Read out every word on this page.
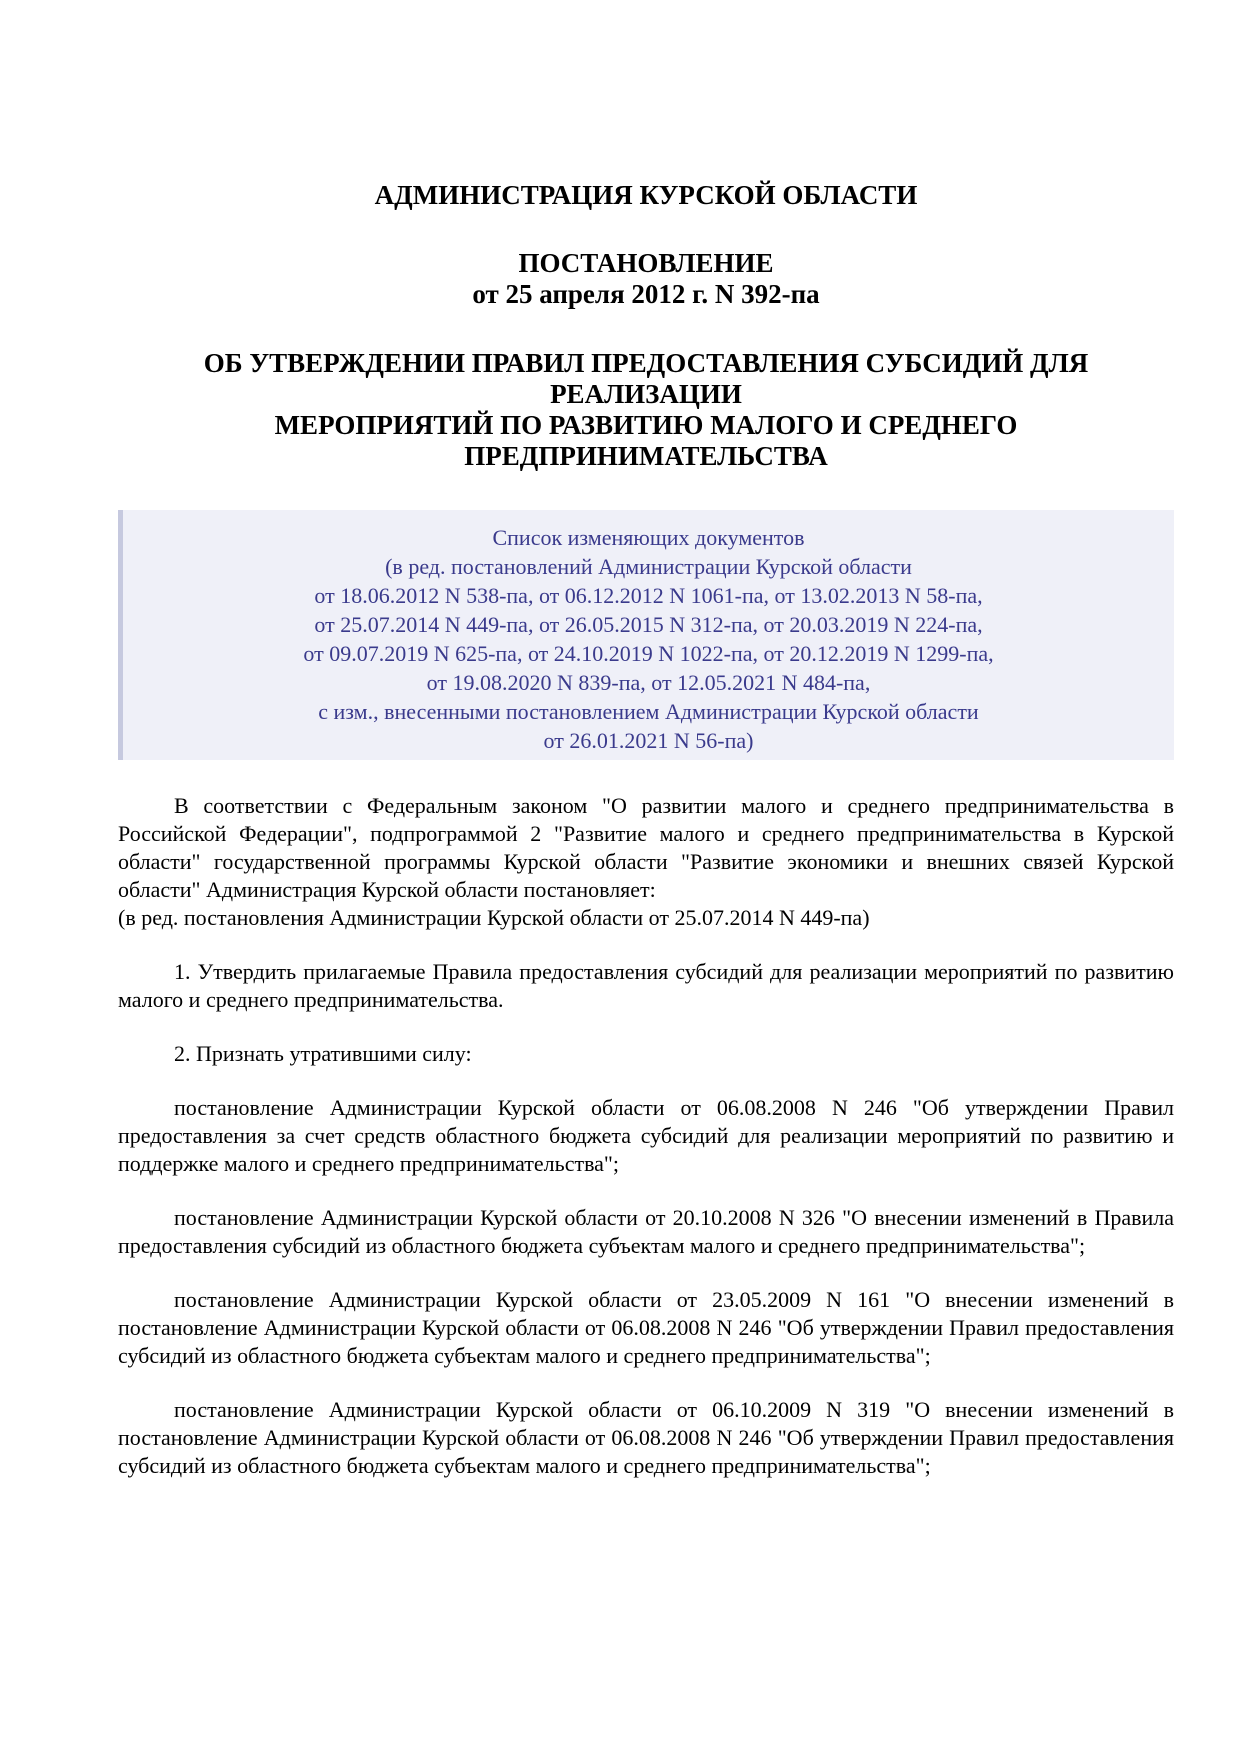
АДМИНИСТРАЦИЯ КУРСКОЙ ОБЛАСТИ

ПОСТАНОВЛЕНИЕ

от 25 апреля 2012 г. N 392-па

ОБ УТВЕРЖДЕНИИ ПРАВИЛ ПРЕДОСТАВЛЕНИЯ СУБСИДИЙ ДЛЯ

РЕАЛИЗАЦИИ

МЕРОПРИЯТИЙ ПО РАЗВИТИЮ МАЛОГО И СРЕДНЕГО

ПРЕДПРИНИМАТЕЛЬСТВА

Список изменяющих документов
(в ред. постановлений Администрации Курской области
от 18.06.2012 N 538-па, от 06.12.2012 N 1061-па, от 13.02.2013 N 58-па,
от 25.07.2014 N 449-па, от 26.05.2015 N 312-па, от 20.03.2019 N 224-па,
от 09.07.2019 N 625-па, от 24.10.2019 N 1022-па, от 20.12.2019 N 1299-па,
от 19.08.2020 N 839-па, от 12.05.2021 N 484-па,
с изм., внесенными постановлением Администрации Курской области
от 26.01.2021 N 56-па)

В соответствии с Федеральным законом "О развитии малого и среднего предпринимательства в Российской Федерации", подпрограммой 2 "Развитие малого и среднего предпринимательства в Курской области" государственной программы Курской области "Развитие экономики и внешних связей Курской области" Администрация Курской области постановляет:

(в ред. постановления Администрации Курской области от 25.07.2014 N 449-па)

1. Утвердить прилагаемые Правила предоставления субсидий для реализации мероприятий по развитию малого и среднего предпринимательства.

2. Признать утратившими силу:

постановление Администрации Курской области от 06.08.2008 N 246 "Об утверждении Правил предоставления за счет средств областного бюджета субсидий для реализации мероприятий по развитию и поддержке малого и среднего предпринимательства";

постановление Администрации Курской области от 20.10.2008 N 326 "О внесении изменений в Правила предоставления субсидий из областного бюджета субъектам малого и среднего предпринимательства";

постановление Администрации Курской области от 23.05.2009 N 161 "О внесении изменений в постановление Администрации Курской области от 06.08.2008 N 246 "Об утверждении Правил предоставления субсидий из областного бюджета субъектам малого и среднего предпринимательства";

постановление Администрации Курской области от 06.10.2009 N 319 "О внесении изменений в постановление Администрации Курской области от 06.08.2008 N 246 "Об утверждении Правил предоставления субсидий из областного бюджета субъектам малого и среднего предпринимательства";
